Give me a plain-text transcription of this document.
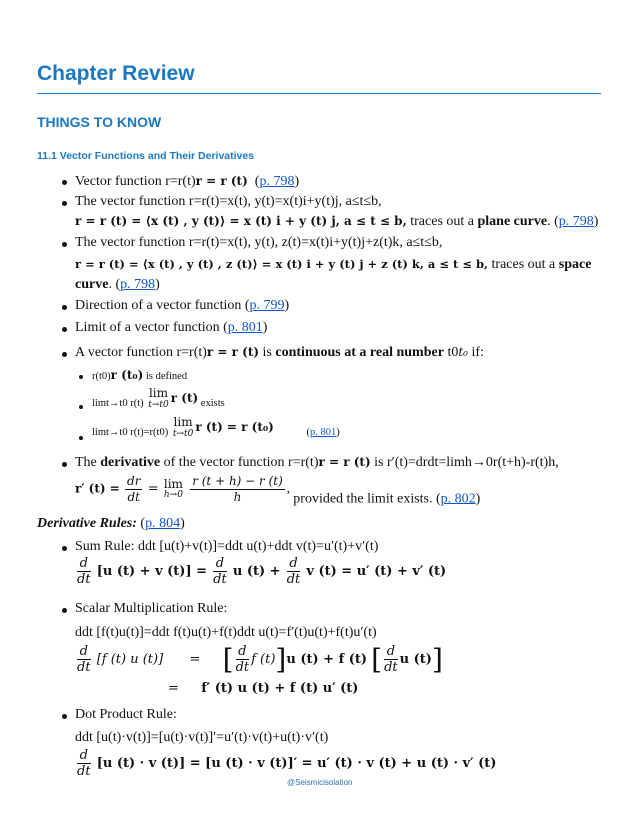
Chapter Review
THINGS TO KNOW
11.1 Vector Functions and Their Derivatives
Vector function r=r(t)r = r (t)  (p. 798)
The vector function r=r(t)=x(t), y(t)=x(t)i+y(t)j, a≤t≤b,
r = r (t) = ⟨x (t) , y (t)⟩ = x (t) i + y (t) j, a ≤ t ≤ b, traces out a plane curve. (p. 798)
The vector function r=r(t)=x(t), y(t), z(t)=x(t)i+y(t)j+z(t)k, a≤t≤b,
r = r (t) = ⟨x (t) , y (t) , z (t)⟩ = x (t) i + y (t) j + z (t) k, a ≤ t ≤ b, traces out a space
curve. (p. 798)
Direction of a vector function (p. 799)
Limit of a vector function (p. 801)
A vector function r=r(t)r = r (t) is continuous at a real number t0t₀ if:
r(t0)r (t₀) is defined
limt→t0 r(t) lim
t→t0
r (t) exists
limt→t0 r(t)=r(t0) lim
t→t0
r (t) = r (t₀)	(p. 801)
The derivative of the vector function r=r(t)r = r (t) is r′(t)=drdt=limh→0r(t+h)-r(t)h,
r′ $(t) = \frac{dr}{dt} = \lim$
h→0
$\frac{r (t + h) - r (t)}{h}$ , provided the limit exists. (p. 802)
Derivative Rules: (p. 804)
Sum Rule: ddt [u(t)+v(t)]=ddt u(t)+ddt v(t)=u′(t)+v′(t)
$\frac{d}{dt} [u$ (t) + v $(t)] = \frac{d}{dt}$ u $(t) + \frac{d}{dt}$ v (t) = u′ (t) + v′ (t)
Scalar Multiplication Rule:
ddt [f(t)u(t)]=ddt f(t)u(t)+f(t)ddt u(t)=f′(t)u(t)+f(t)u′(t)
$\frac{d}{dt} [f$ (t) u (t)] = [ $\frac{d}{dt}$ f (t)]u (t) + f (t) [ $\frac{d}{dt}$ u (t)]
= f′ (t) u (t) + f (t) u′ (t)
Dot Product Rule:
ddt [u(t)·v(t)]=[u(t)·v(t)]′=u′(t)·v(t)+u(t)·v′(t)
$\frac{d}{dt} [u$ (t) · v (t)] = [u (t) · v (t)]′ = u′ (t) · v (t) + u (t) · v′ (t)
@Seismicisolation
